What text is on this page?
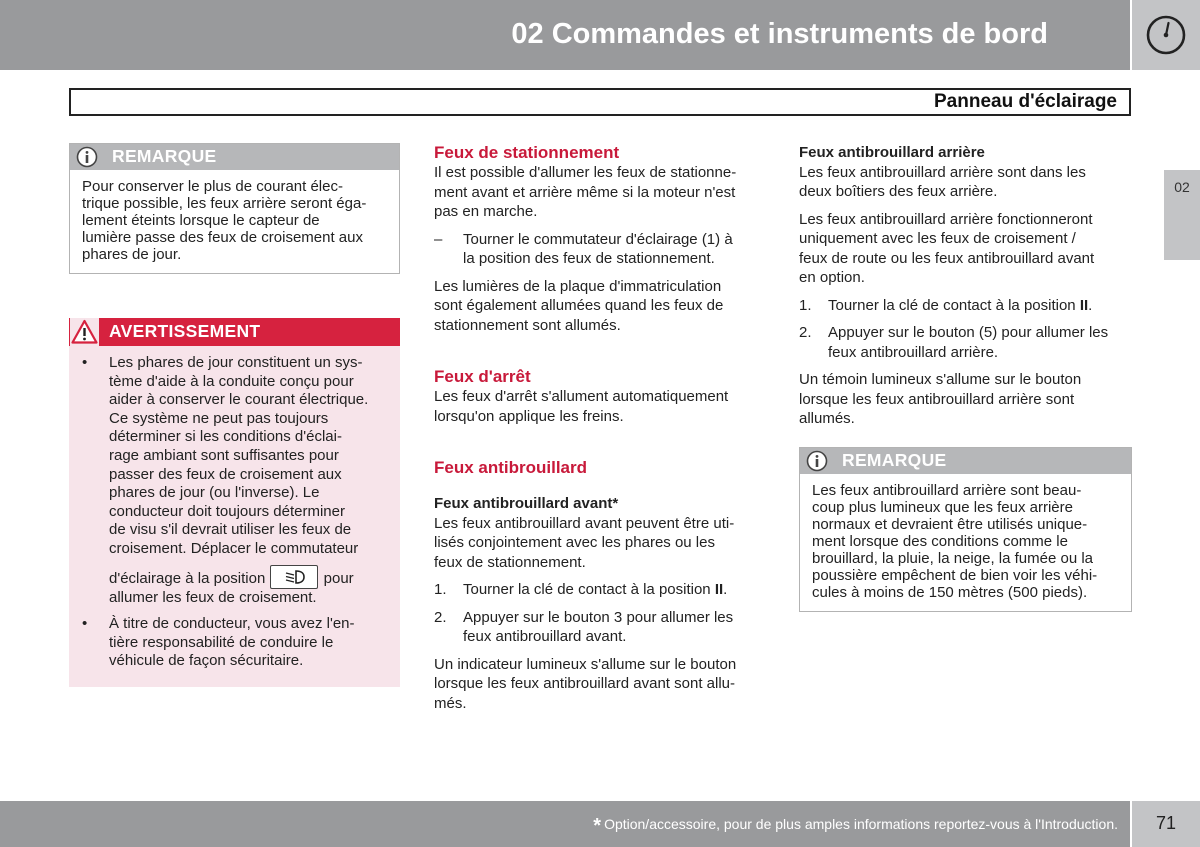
02 Commandes et instruments de bord
Panneau d'éclairage
02
REMARQUE
Pour conserver le plus de courant élec-
trique possible, les feux arrière seront éga-
lement éteints lorsque le capteur de
lumière passe des feux de croisement aux
phares de jour.
AVERTISSEMENT
• Les phares de jour constituent un sys-
tème d'aide à la conduite conçu pour
aider à conserver le courant électrique.
Ce système ne peut pas toujours
déterminer si les conditions d'éclai-
rage ambiant sont suffisantes pour
passer des feux de croisement aux
phares de jour (ou l'inverse). Le
conducteur doit toujours déterminer
de visu s'il devrait utiliser les feux de
croisement. Déplacer le commutateur
d'éclairage à la position	pour
allumer les feux de croisement.
• À titre de conducteur, vous avez l'en-
tière responsabilité de conduire le
véhicule de façon sécuritaire.
Feux de stationnement

Il est possible d'allumer les feux de stationne-
ment avant et arrière même si la moteur n'est
pas en marche.

– Tourner le commutateur d'éclairage (1) à
la position des feux de stationnement.

Les lumières de la plaque d'immatriculation
sont également allumées quand les feux de
stationnement sont allumés.

Feux d'arrêt

Les feux d'arrêt s'allument automatiquement
lorsqu'on applique les freins.

Feux antibrouillard
Feux antibrouillard avant*

Les feux antibrouillard avant peuvent être uti-
lisés conjointement avec les phares ou les
feux de stationnement.

1. Tourner la clé de contact à la position II.
2. Appuyer sur le bouton 3 pour allumer les
feux antibrouillard avant.

Un indicateur lumineux s'allume sur le bouton
lorsque les feux antibrouillard avant sont allu-
més.

Feux antibrouillard arrière

Les feux antibrouillard arrière sont dans les
deux boîtiers des feux arrière.

Les feux antibrouillard arrière fonctionneront
uniquement avec les feux de croisement /
feux de route ou les feux antibrouillard avant
en option.

1. Tourner la clé de contact à la position II.
2. Appuyer sur le bouton (5) pour allumer les
feux antibrouillard arrière.

Un témoin lumineux s'allume sur le bouton
lorsque les feux antibrouillard arrière sont
allumés.

REMARQUE
Les feux antibrouillard arrière sont beau-
coup plus lumineux que les feux arrière
normaux et devraient être utilisés unique-
ment lorsque des conditions comme le
brouillard, la pluie, la neige, la fumée ou la
poussière empêchent de bien voir les véhi-
cules à moins de 150 mètres (500 pieds).
* Option/accessoire, pour de plus amples informations reportez-vous à l'Introduction.	71
